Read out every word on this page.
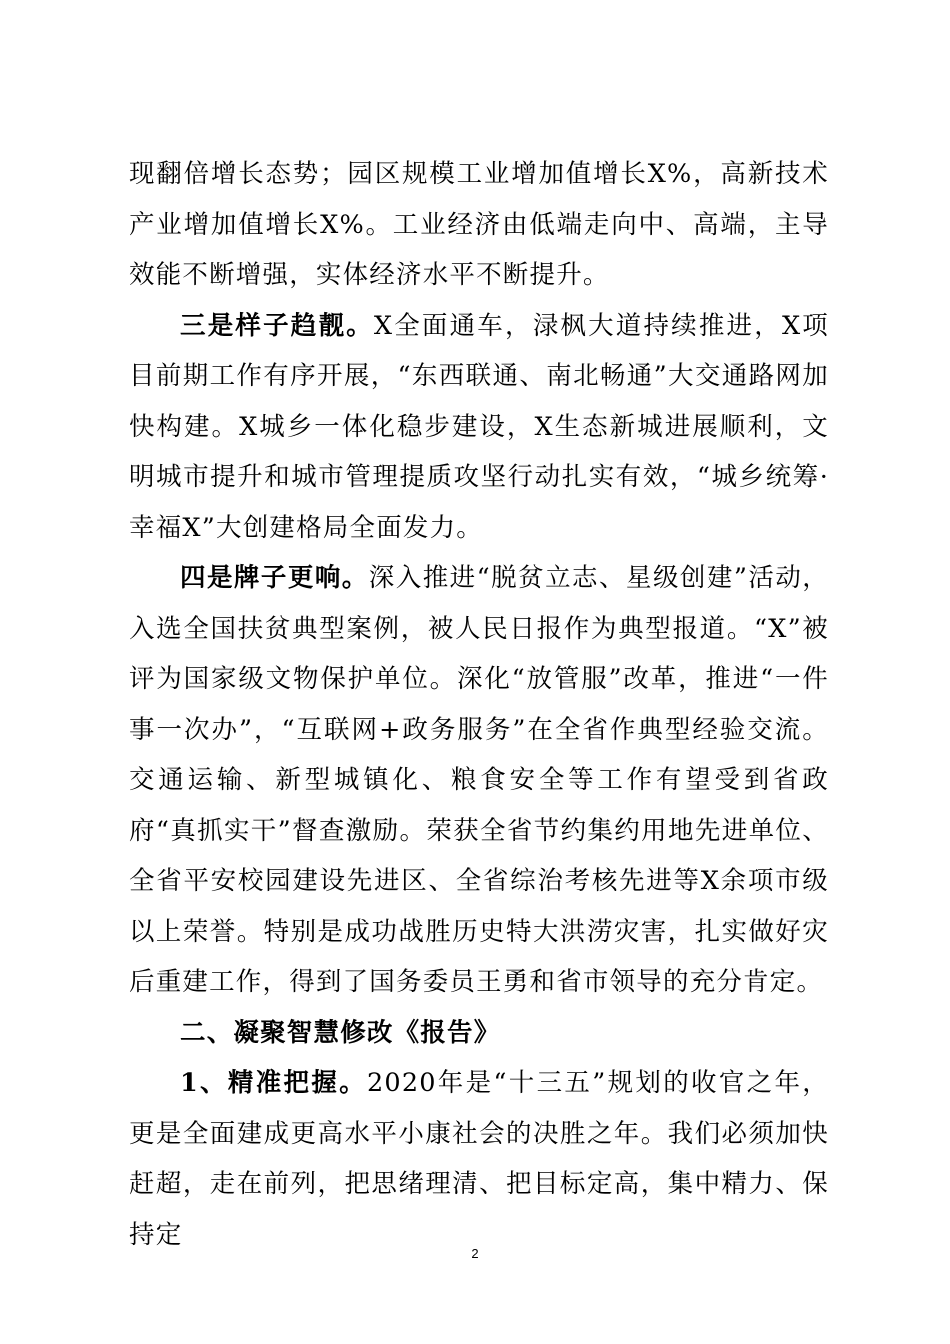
现翻倍增长态势；园区规模工业增加值增长X%，高新技术产业增加值增长X%。工业经济由低端走向中、高端，主导效能不断增强，实体经济水平不断提升。

三是样子趋靓。X全面通车，渌枫大道持续推进，X项目前期工作有序开展，“东西联通、南北畅通”大交通路网加快构建。X城乡一体化稳步建设，X生态新城进展顺利，文明城市提升和城市管理提质攻坚行动扎实有效，“城乡统筹·幸福X”大创建格局全面发力。

四是牌子更响。深入推进“脱贫立志、星级创建”活动，入选全国扶贫典型案例，被人民日报作为典型报道。“X”被评为国家级文物保护单位。深化“放管服”改革，推进“一件事一次办”，“互联网+政务服务”在全省作典型经验交流。交通运输、新型城镇化、粮食安全等工作有望受到省政府“真抓实干”督查激励。荣获全省节约集约用地先进单位、全省平安校园建设先进区、全省综治考核先进等X余项市级以上荣誉。特别是成功战胜历史特大洪涝灾害，扎实做好灾后重建工作，得到了国务委员王勇和省市领导的充分肯定。

二、凝聚智慧修改《报告》

1、精准把握。2020年是“十三五”规划的收官之年，更是全面建成更高水平小康社会的决胜之年。我们必须加快赶超，走在前列，把思绪理清、把目标定高，集中精力、保持定

2
